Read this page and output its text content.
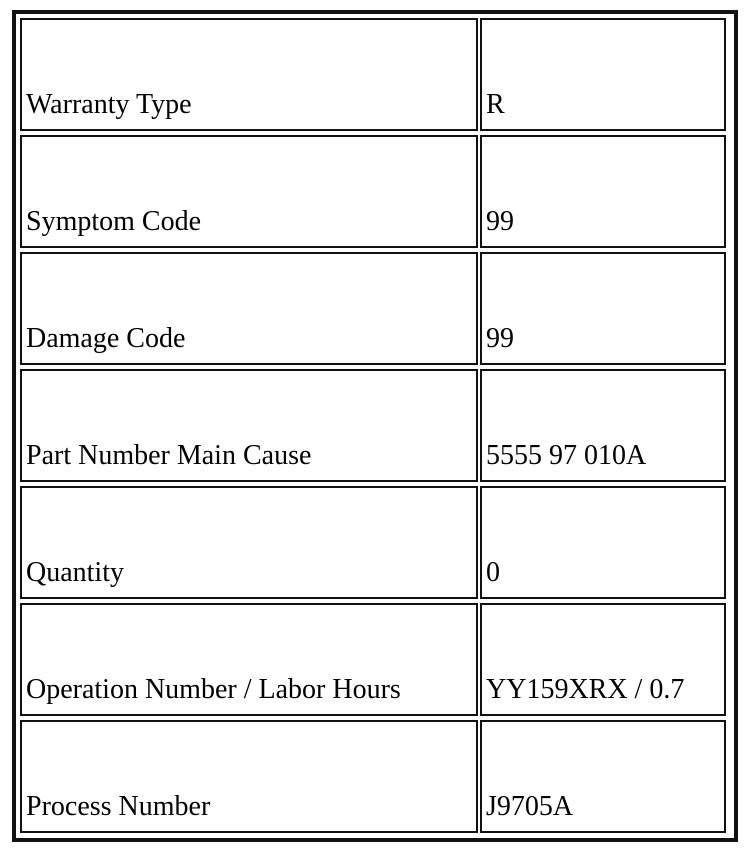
Warranty Type	R
Symptom Code	99
Damage Code	99
Part Number Main Cause	5555 97 010A
Quantity	0
Operation Number / Labor Hours	YY159XRX / 0.7
Process Number	J9705A
